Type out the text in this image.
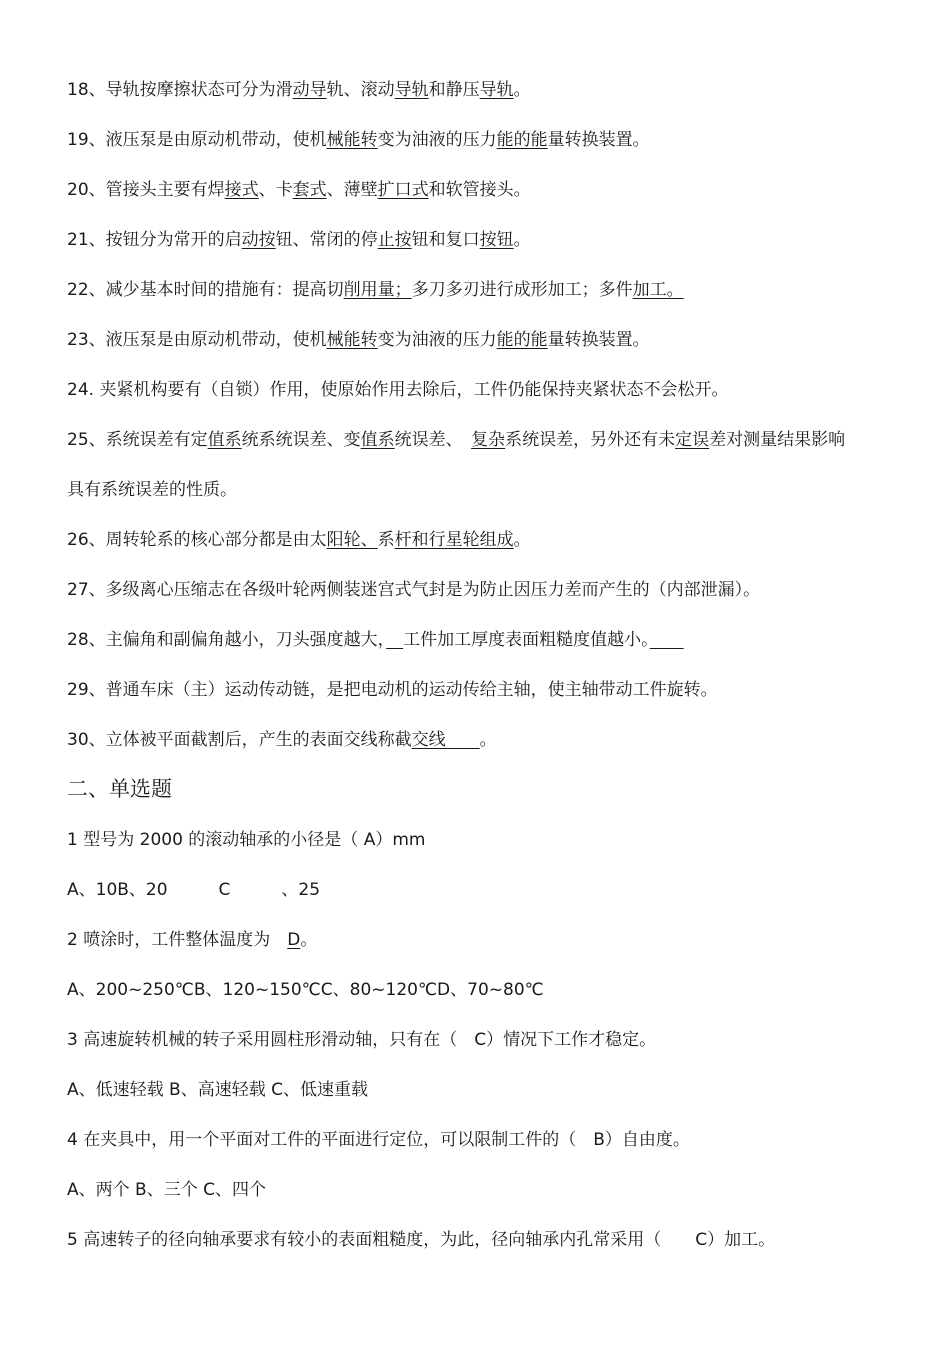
18、导轨按摩擦状态可分为滑动导轨、滚动导轨和静压导轨。
19、液压泵是由原动机带动，使机械能转变为油液的压力能的能量转换装置。
20、管接头主要有焊接式、卡套式、薄壁扩口式和软管接头。
21、按钮分为常开的启动按钮、常闭的停止按钮和复口按钮。
22、减少基本时间的措施有：提高切削用量；多刀多刃进行成形加工；多件加工。
23、液压泵是由原动机带动，使机械能转变为油液的压力能的能量转换装置。
24. 夹紧机构要有（自锁）作用，使原始作用去除后，工件仍能保持夹紧状态不会松开。
25、系统误差有定值系统系统误差、变值系统误差、　复杂系统误差，另外还有未定误差对测量结果影响
具有系统误差的性质。
26、周转轮系的核心部分都是由太阳轮、系杆和行星轮组成。
27、多级离心压缩志在各级叶轮两侧装迷宫式气封是为防止因压力差而产生的（内部泄漏）。
28、主偏角和副偏角越小，刀头强度越大，　 工件加工厚度表面粗糙度值越小。　　
29、普通车床（主）运动传动链，是把电动机的运动传给主轴，使主轴带动工件旋转。
30、立体被平面截割后，产生的表面交线称截交线　　。
二、单选题
1 型号为 2000 的滚动轴承的小径是（ A）mm
A、10B、20　　　C　　　、25
2 喷涂时，工件整体温度为　D。
A、200~250℃B、120~150℃C、80~120℃D、70~80℃
3 高速旋转机械的转子采用圆柱形滑动轴，只有在（　C）情况下工作才稳定。
A、低速轻载 B、高速轻载 C、低速重载
4 在夹具中，用一个平面对工件的平面进行定位，可以限制工件的（　B）自由度。
A、两个 B、三个 C、四个
5 高速转子的径向轴承要求有较小的表面粗糙度，为此，径向轴承内孔常采用（　　C）加工。
